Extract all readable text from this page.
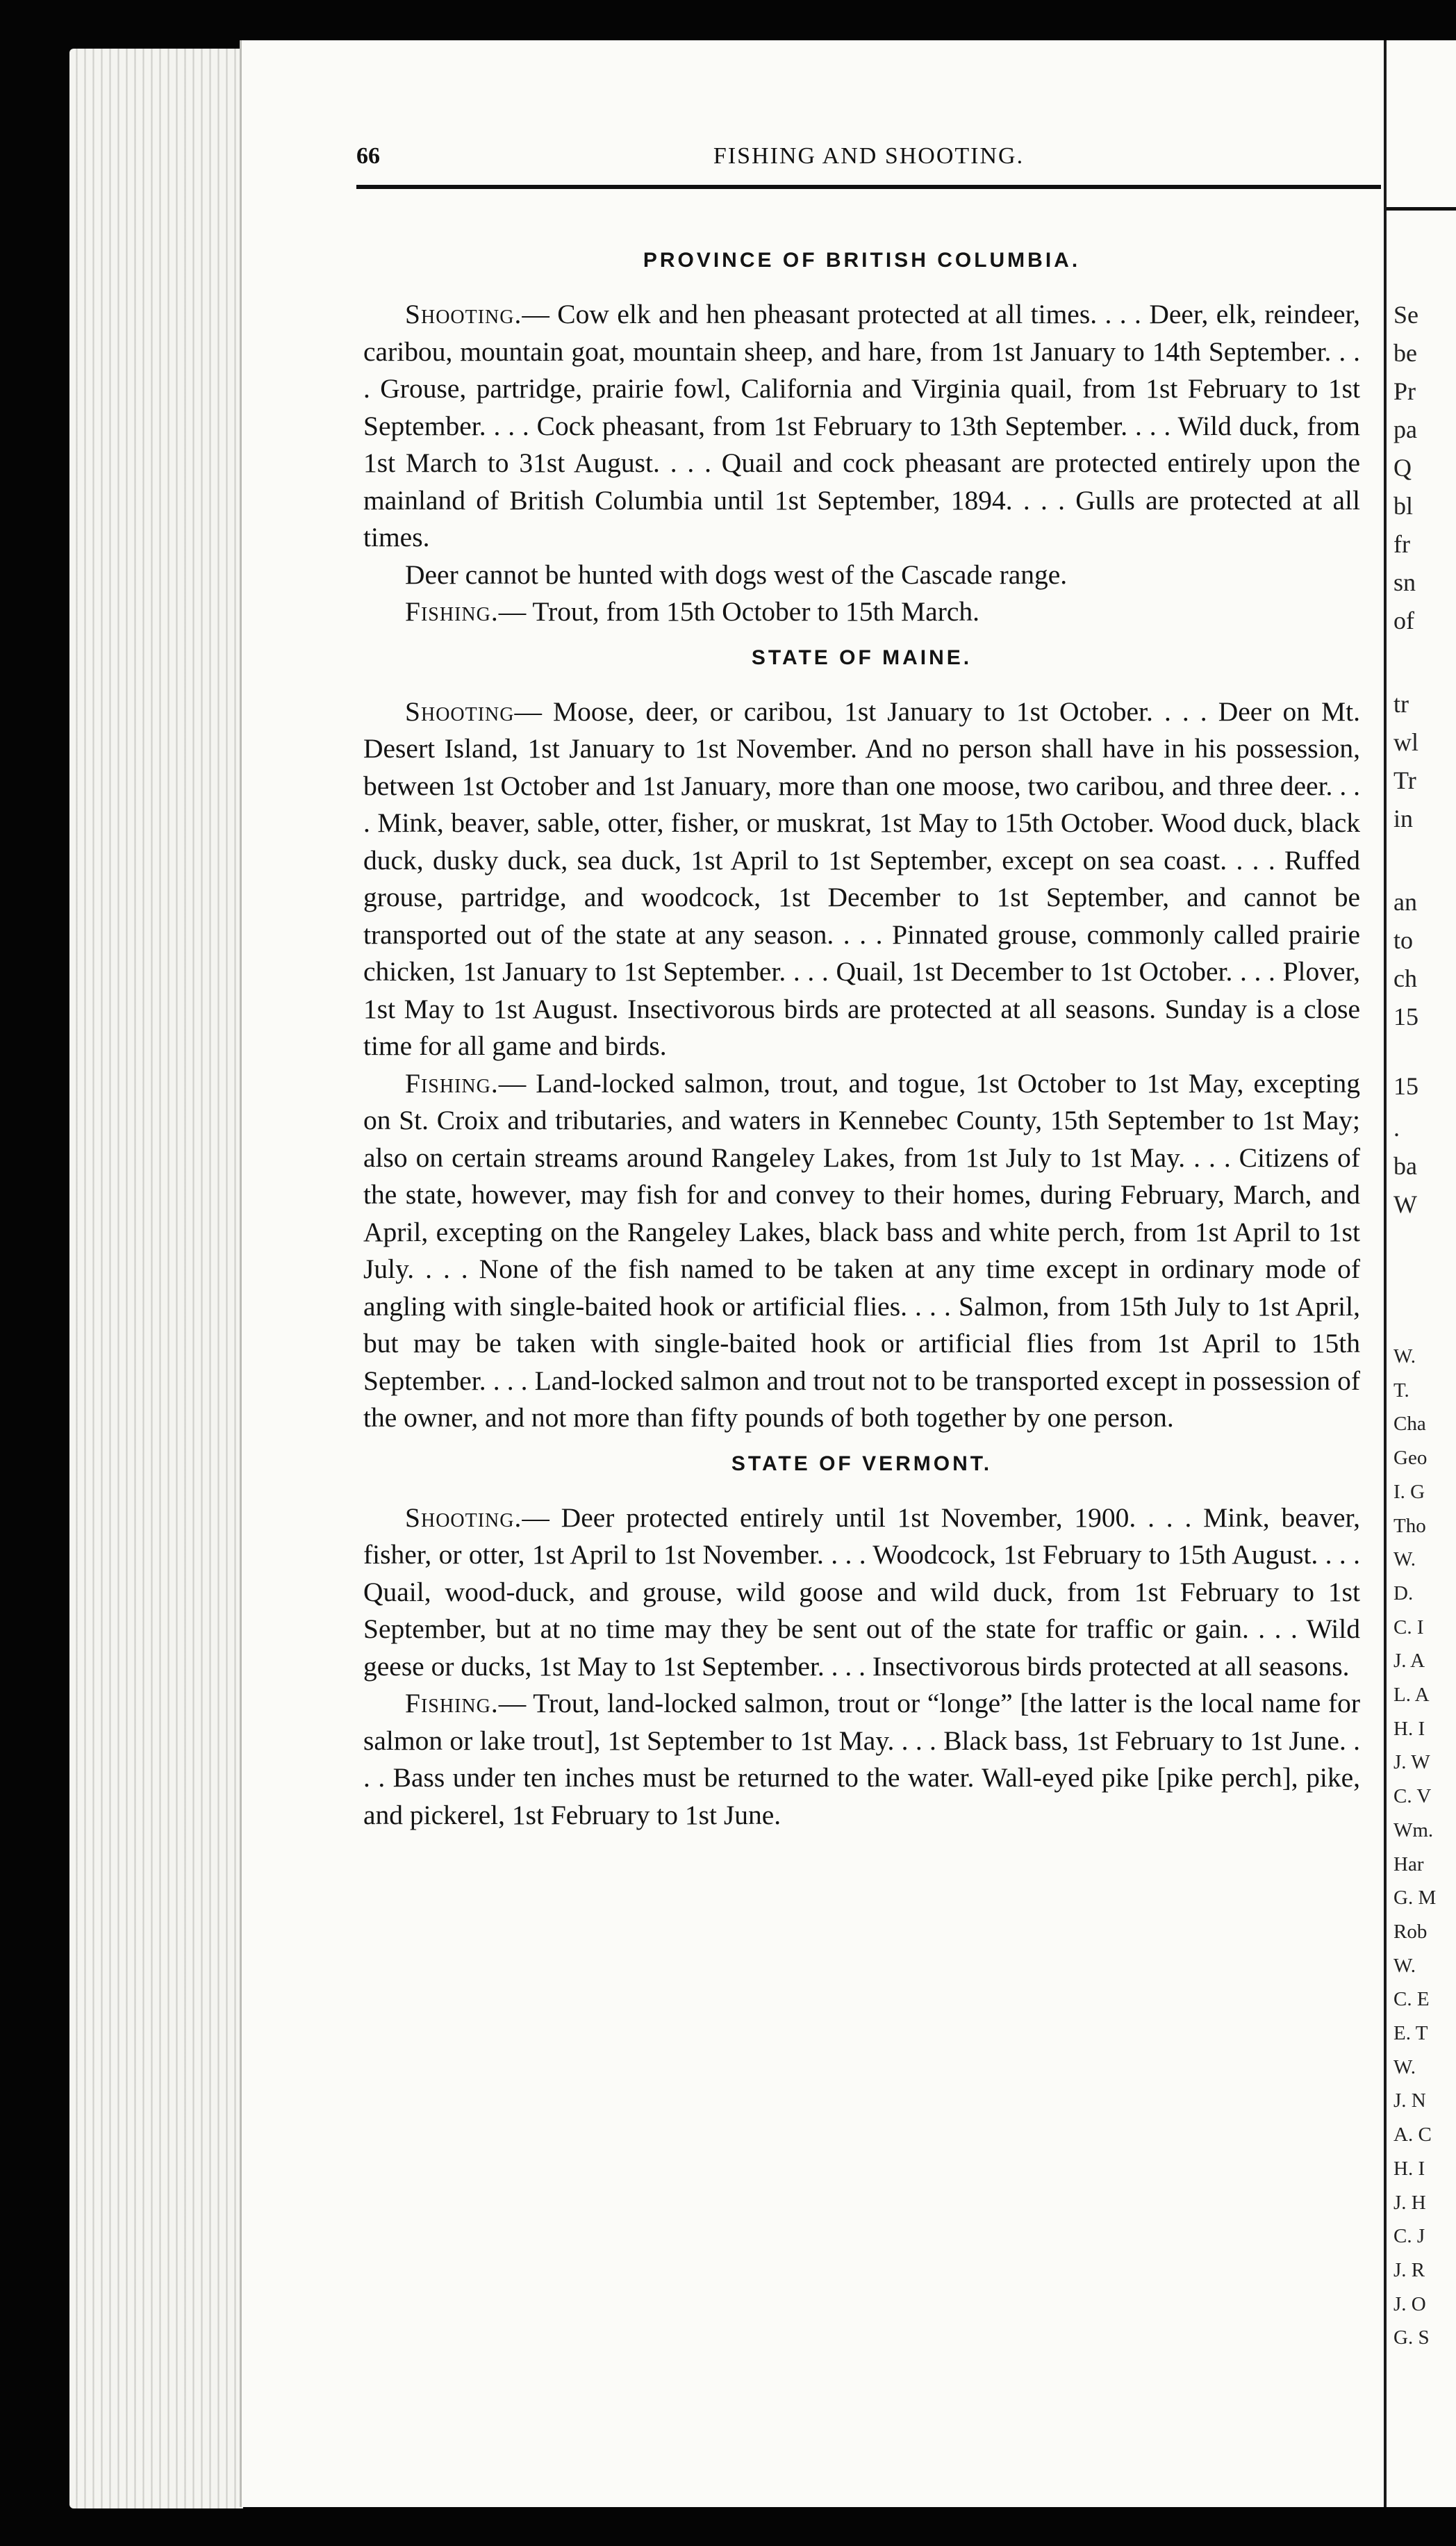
66	FISHING AND SHOOTING.
PROVINCE OF BRITISH COLUMBIA.

Shooting.— Cow elk and hen pheasant protected at all times. . . . Deer, elk, reindeer, caribou, mountain goat, mountain sheep, and hare, from 1st January to 14th September. . . . Grouse, partridge, prairie fowl, California and Virginia quail, from 1st February to 1st September. . . . Cock pheasant, from 1st February to 13th September. . . . Wild duck, from 1st March to 31st August. . . . Quail and cock pheasant are protected entirely upon the mainland of British Columbia until 1st September, 1894. . . . Gulls are protected at all times.

Deer cannot be hunted with dogs west of the Cascade range.

Fishing.— Trout, from 15th October to 15th March.

STATE OF MAINE.

Shooting— Moose, deer, or caribou, 1st January to 1st October. . . . Deer on Mt. Desert Island, 1st January to 1st November. And no person shall have in his possession, between 1st October and 1st January, more than one moose, two caribou, and three deer. . . . Mink, beaver, sable, otter, fisher, or muskrat, 1st May to 15th October. Wood duck, black duck, dusky duck, sea duck, 1st April to 1st September, except on sea coast. . . . Ruffed grouse, partridge, and woodcock, 1st December to 1st September, and cannot be transported out of the state at any season. . . . Pinnated grouse, commonly called prairie chicken, 1st January to 1st September. . . . Quail, 1st December to 1st October. . . . Plover, 1st May to 1st August. Insectivorous birds are protected at all seasons. Sunday is a close time for all game and birds.

Fishing.— Land-locked salmon, trout, and togue, 1st October to 1st May, excepting on St. Croix and tributaries, and waters in Kennebec County, 15th September to 1st May; also on certain streams around Rangeley Lakes, from 1st July to 1st May. . . . Citizens of the state, however, may fish for and convey to their homes, during February, March, and April, excepting on the Rangeley Lakes, black bass and white perch, from 1st April to 1st July. . . . None of the fish named to be taken at any time except in ordinary mode of angling with single-baited hook or artificial flies. . . . Salmon, from 15th July to 1st April, but may be taken with single-baited hook or artificial flies from 1st April to 15th September. . . . Land-locked salmon and trout not to be transported except in possession of the owner, and not more than fifty pounds of both together by one person.

STATE OF VERMONT.

Shooting.— Deer protected entirely until 1st November, 1900. . . . Mink, beaver, fisher, or otter, 1st April to 1st November. . . . Woodcock, 1st February to 15th August. . . . Quail, wood-duck, and grouse, wild goose and wild duck, from 1st February to 1st September, but at no time may they be sent out of the state for traffic or gain. . . . Wild geese or ducks, 1st May to 1st September. . . . Insectivorous birds protected at all seasons.

Fishing.— Trout, land-locked salmon, trout or “longe” [the latter is the local name for salmon or lake trout], 1st September to 1st May. . . . Black bass, 1st February to 1st June. . . . Bass under ten inches must be returned to the water. Wall-eyed pike [pike perch], pike, and pickerel, 1st February to 1st June.

Se
be
Pr
pa
Q
bl
fr
sn
of
tr
wl
Tr
in
an
to
ch
15
15
.
ba
W
W.
T.
Cha
Geo
I. G
Tho
W.
D.
C. I
J. A
L. A
H. I
J. W
C. V
Wm.
Har
G. M
Rob
W.
C. E
E. T
W.
J. N
A. C
H. I
J. H
C. J
J. R
J. O
G. S
